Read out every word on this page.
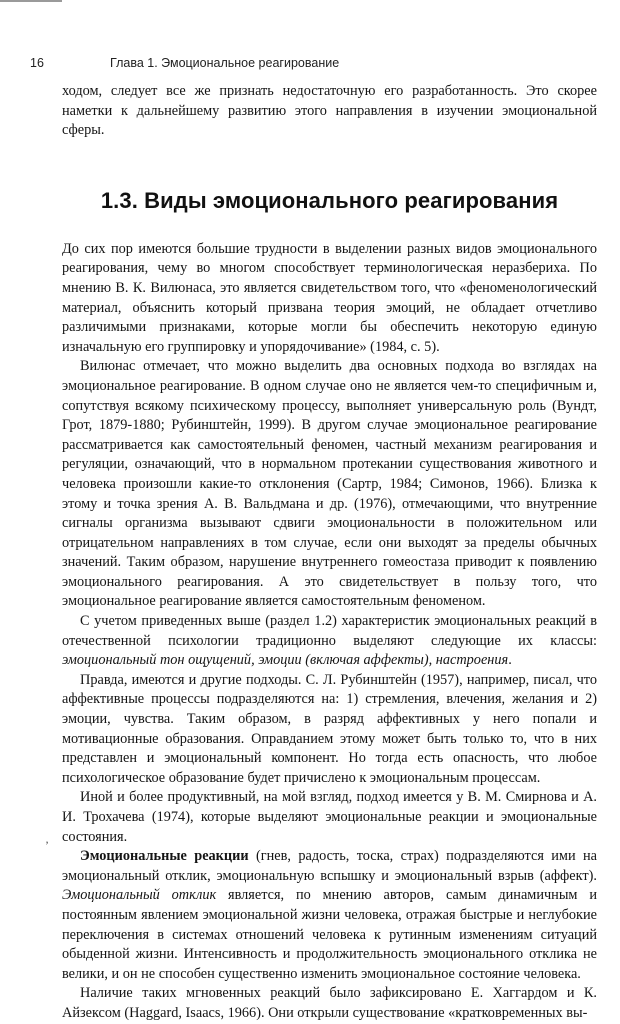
16	Глава 1. Эмоциональное реагирование

ходом, следует все же признать недостаточную его разработанность. Это скорее наметки к дальнейшему развитию этого направления в изучении эмоциональной сферы.

1.3. Виды эмоционального реагирования

До сих пор имеются большие трудности в выделении разных видов эмоционального реагирования, чему во многом способствует терминологическая неразбериха. По мнению В. К. Вилюнаса, это является свидетельством того, что «феноменологический материал, объяснить который призвана теория эмоций, не обладает отчетливо различимыми признаками, которые могли бы обеспечить некоторую единую изначальную его группировку и упорядочивание» (1984, с. 5).

Вилюнас отмечает, что можно выделить два основных подхода во взглядах на эмоциональное реагирование. В одном случае оно не является чем-то специфичным и, сопутствуя всякому психическому процессу, выполняет универсальную роль (Вундт, Грот, 1879-1880; Рубинштейн, 1999). В другом случае эмоциональное реагирование рассматривается как самостоятельный феномен, частный механизм реагирования и регуляции, означающий, что в нормальном протекании существования животного и человека произошли какие-то отклонения (Сартр, 1984; Симонов, 1966). Близка к этому и точка зрения А. В. Вальдмана и др. (1976), отмечающими, что внутренние сигналы организма вызывают сдвиги эмоциональности в положительном или отрицательном направлениях в том случае, если они выходят за пределы обычных значений. Таким образом, нарушение внутреннего гомеостаза приводит к появлению эмоционального реагирования. А это свидетельствует в пользу того, что эмоциональное реагирование является самостоятельным феноменом.

С учетом приведенных выше (раздел 1.2) характеристик эмоциональных реакций в отечественной психологии традиционно выделяют следующие их классы: эмоциональный тон ощущений, эмоции (включая аффекты), настроения.

Правда, имеются и другие подходы. С. Л. Рубинштейн (1957), например, писал, что аффективные процессы подразделяются на: 1) стремления, влечения, желания и 2) эмоции, чувства. Таким образом, в разряд аффективных у него попали и мотивационные образования. Оправданием этому может быть только то, что в них представлен и эмоциональный компонент. Но тогда есть опасность, что любое психологическое образование будет причислено к эмоциональным процессам.

Иной и более продуктивный, на мой взгляд, подход имеется у В. М. Смирнова и А. И. Трохачева (1974), которые выделяют эмоциональные реакции и эмоциональные состояния.

Эмоциональные реакции (гнев, радость, тоска, страх) подразделяются ими на эмоциональный отклик, эмоциональную вспышку и эмоциональный взрыв (аффект). Эмоциональный отклик является, по мнению авторов, самым динамичным и постоянным явлением эмоциональной жизни человека, отражая быстрые и неглубокие переключения в системах отношений человека к рутинным изменениям ситуаций обыденной жизни. Интенсивность и продолжительность эмоционального отклика не велики, и он не способен существенно изменить эмоциональное состояние человека.

Наличие таких мгновенных реакций было зафиксировано Е. Хаггардом и К. Айзексом (Haggard, Isaacs, 1966). Они открыли существование «кратковременных вы-

’
